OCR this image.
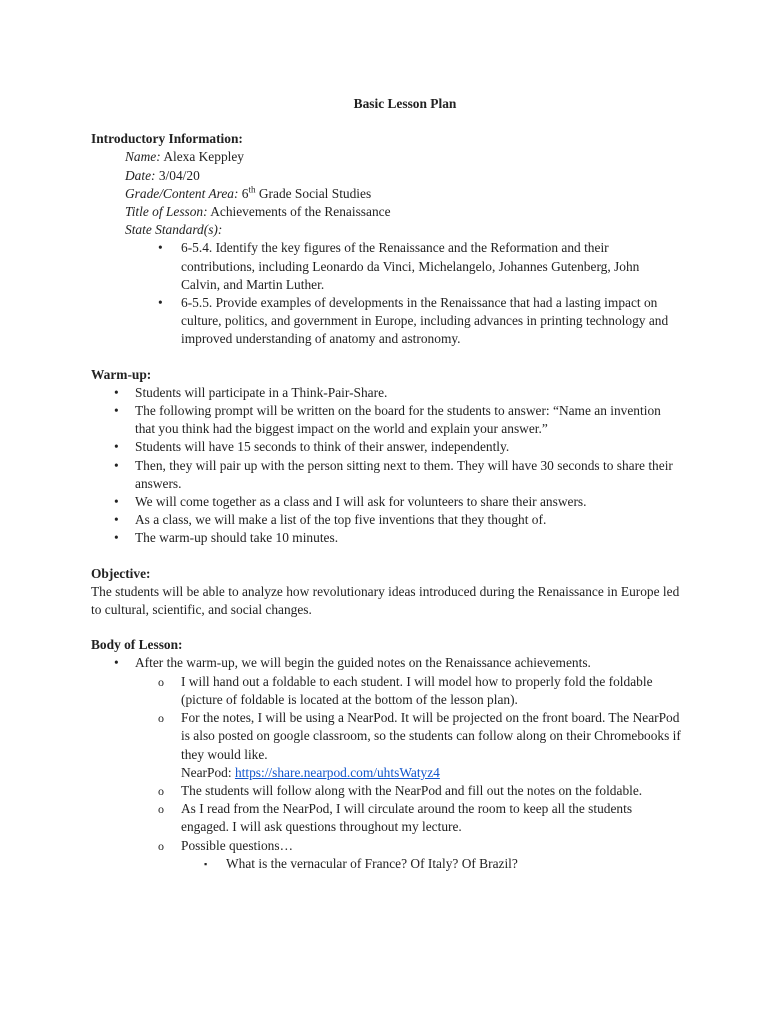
Basic Lesson Plan
Introductory Information:
Name: Alexa Keppley
Date: 3/04/20
Grade/Content Area: 6th Grade Social Studies
Title of Lesson: Achievements of the Renaissance
State Standard(s):
• 6-5.4. Identify the key figures of the Renaissance and the Reformation and their contributions, including Leonardo da Vinci, Michelangelo, Johannes Gutenberg, John Calvin, and Martin Luther.
• 6-5.5. Provide examples of developments in the Renaissance that had a lasting impact on culture, politics, and government in Europe, including advances in printing technology and improved understanding of anatomy and astronomy.
Warm-up:
• Students will participate in a Think-Pair-Share.
• The following prompt will be written on the board for the students to answer: “Name an invention that you think had the biggest impact on the world and explain your answer.”
• Students will have 15 seconds to think of their answer, independently.
• Then, they will pair up with the person sitting next to them. They will have 30 seconds to share their answers.
• We will come together as a class and I will ask for volunteers to share their answers.
• As a class, we will make a list of the top five inventions that they thought of.
• The warm-up should take 10 minutes.
Objective:
The students will be able to analyze how revolutionary ideas introduced during the Renaissance in Europe led to cultural, scientific, and social changes.
Body of Lesson:
• After the warm-up, we will begin the guided notes on the Renaissance achievements.
o I will hand out a foldable to each student. I will model how to properly fold the foldable (picture of foldable is located at the bottom of the lesson plan).
o For the notes, I will be using a NearPod. It will be projected on the front board. The NearPod is also posted on google classroom, so the students can follow along on their Chromebooks if they would like.
NearPod: https://share.nearpod.com/uhtsWatyz4
o The students will follow along with the NearPod and fill out the notes on the foldable.
o As I read from the NearPod, I will circulate around the room to keep all the students engaged. I will ask questions throughout my lecture.
o Possible questions…
▪ What is the vernacular of France? Of Italy? Of Brazil?
